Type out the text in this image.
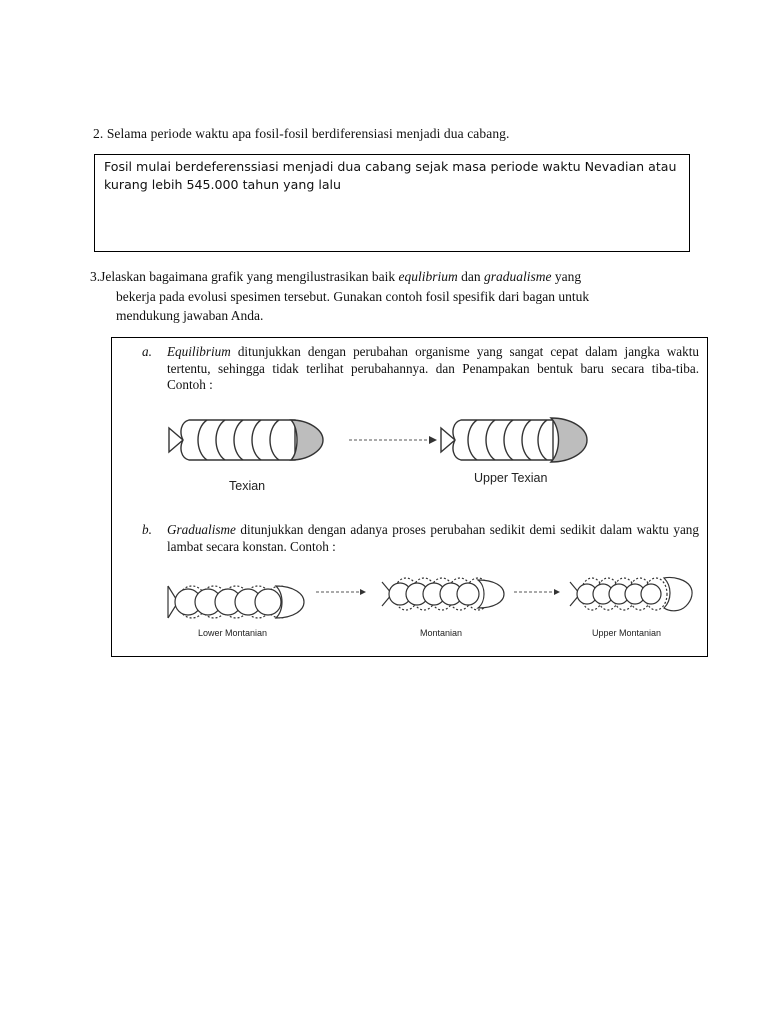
2. Selama periode waktu apa fosil-fosil berdiferensiasi menjadi dua cabang.
Fosil mulai berdeferenssiasi menjadi dua cabang sejak masa periode waktu Nevadian atau
kurang lebih 545.000 tahun yang lalu
3.Jelaskan bagaimana grafik yang mengilustrasikan baik equlibrium dan gradualisme yang
bekerja pada evolusi spesimen tersebut. Gunakan contoh fosil spesifik dari bagan untuk
mendukung jawaban Anda.
a.	Equilibrium ditunjukkan dengan perubahan organisme yang sangat cepat dalam jangka waktu tertentu, sehingga tidak terlihat perubahannya. dan Penampakan bentuk baru secara tiba-tiba. Contoh :
Texian
Upper Texian
b.	Gradualisme ditunjukkan dengan adanya proses perubahan sedikit demi sedikit dalam waktu yang lambat secara konstan. Contoh :
Lower Montanian	Montanian	Upper Montanian
